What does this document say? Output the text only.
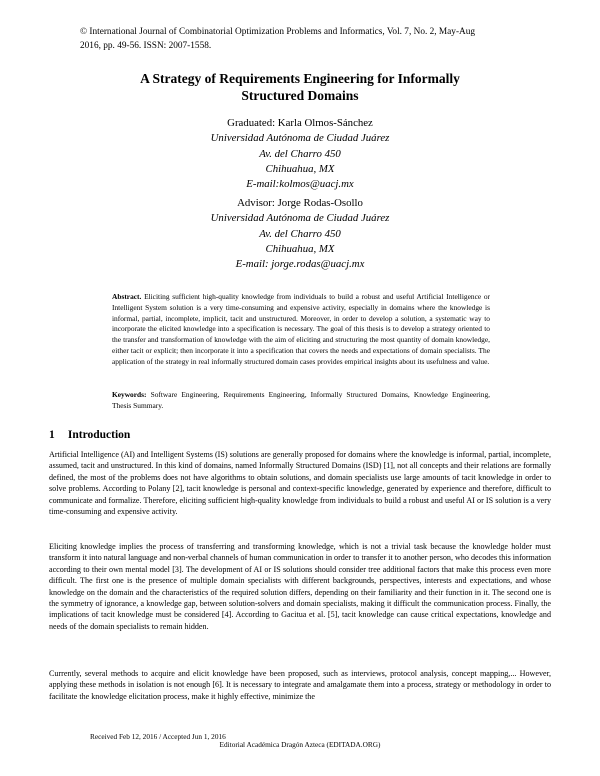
© International Journal of Combinatorial Optimization Problems and Informatics, Vol. 7, No. 2, May-Aug
2016, pp. 49-56. ISSN: 2007-1558.
A Strategy of Requirements Engineering for Informally
Structured Domains
Graduated: Karla Olmos-Sánchez
Universidad Autónoma de Ciudad Juárez
Av. del Charro 450
Chihuahua, MX
E-mail:kolmos@uacj.mx
Advisor: Jorge Rodas-Osollo
Universidad Autónoma de Ciudad Juárez
Av. del Charro 450
Chihuahua, MX
E-mail: jorge.rodas@uacj.mx
Abstract. Eliciting sufficient high-quality knowledge from individuals to build a robust and useful Artificial Intelligence or Intelligent System solution is a very time-consuming and expensive activity, especially in domains where the knowledge is informal, partial, incomplete, implicit, tacit and unstructured. Moreover, in order to develop a solution, a systematic way to incorporate the elicited knowledge into a specification is necessary. The goal of this thesis is to develop a strategy oriented to the transfer and transformation of knowledge with the aim of eliciting and structuring the most quantity of domain knowledge, either tacit or explicit; then incorporate it into a specification that covers the needs and expectations of domain specialists. The application of the strategy in real informally structured domain cases provides empirical insights about its usefulness and value.
Keywords: Software Engineering, Requirements Engineering, Informally Structured Domains, Knowledge Engineering, Thesis Summary.
1 Introduction
Artificial Intelligence (AI) and Intelligent Systems (IS) solutions are generally proposed for domains where the knowledge is informal, partial, incomplete, assumed, tacit and unstructured. In this kind of domains, named Informally Structured Domains (ISD) [1], not all concepts and their relations are formally defined, the most of the problems does not have algorithms to obtain solutions, and domain specialists use large amounts of tacit knowledge in order to solve problems. According to Polany [2], tacit knowledge is personal and context-specific knowledge, generated by experience and therefore, difficult to communicate and formalize. Therefore, eliciting sufficient high-quality knowledge from individuals to build a robust and useful AI or IS solution is a very time-consuming and expensive activity.
Eliciting knowledge implies the process of transferring and transforming knowledge, which is not a trivial task because the knowledge holder must transform it into natural language and non-verbal channels of human communication in order to transfer it to another person, who decodes this information according to their own mental model [3]. The development of AI or IS solutions should consider tree additional factors that make this process even more difficult. The first one is the presence of multiple domain specialists with different backgrounds, perspectives, interests and expectations, and whose knowledge on the domain and the characteristics of the required solution differs, depending on their familiarity and their function in it. The second one is the symmetry of ignorance, a knowledge gap, between solution-solvers and domain specialists, making it difficult the communication process. Finally, the implications of tacit knowledge must be considered [4]. According to Gacitua et al. [5], tacit knowledge can cause critical expectations, knowledge and needs of the domain specialists to remain hidden.
Currently, several methods to acquire and elicit knowledge have been proposed, such as interviews, protocol analysis, concept mapping,... However, applying these methods in isolation is not enough [6]. It is necessary to integrate and amalgamate them into a process, strategy or methodology in order to facilitate the knowledge elicitation process, make it highly effective, minimize the
Received Feb 12, 2016 / Accepted Jun 1, 2016
Editorial Académica Dragón Azteca (EDITADA.ORG)
